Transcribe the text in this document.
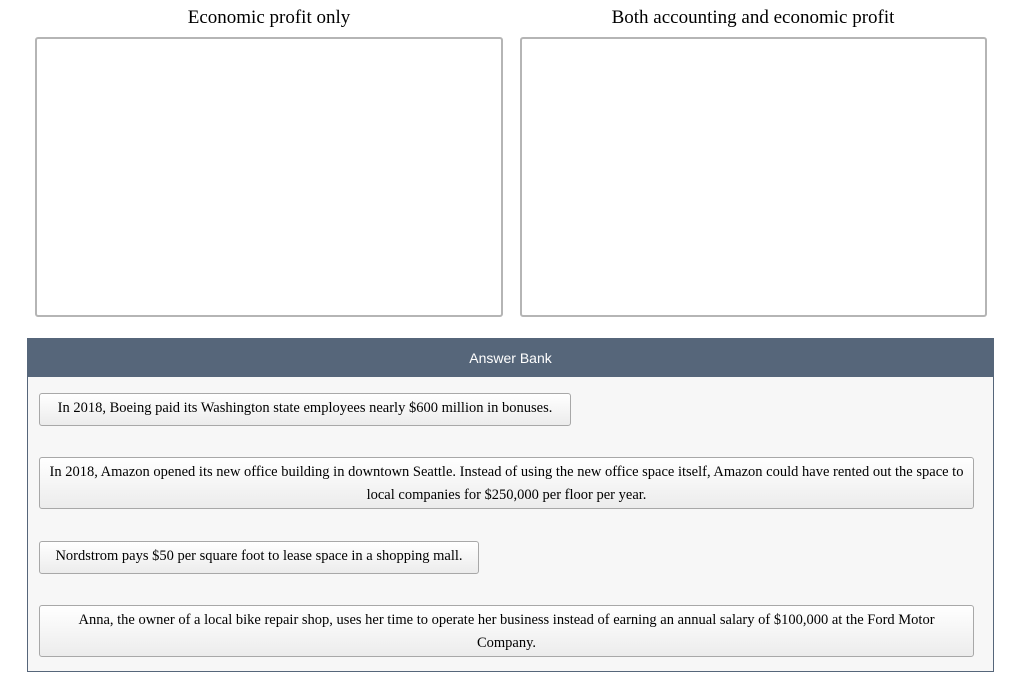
Economic profit only	Both accounting and economic profit
Answer Bank
In 2018, Boeing paid its Washington state employees nearly $600 million in bonuses.
In 2018, Amazon opened its new office building in downtown Seattle. Instead of using the new office space itself, Amazon could have rented out the space to local companies for $250,000 per floor per year.
Nordstrom pays $50 per square foot to lease space in a shopping mall.
Anna, the owner of a local bike repair shop, uses her time to operate her business instead of earning an annual salary of $100,000 at the Ford Motor Company.
